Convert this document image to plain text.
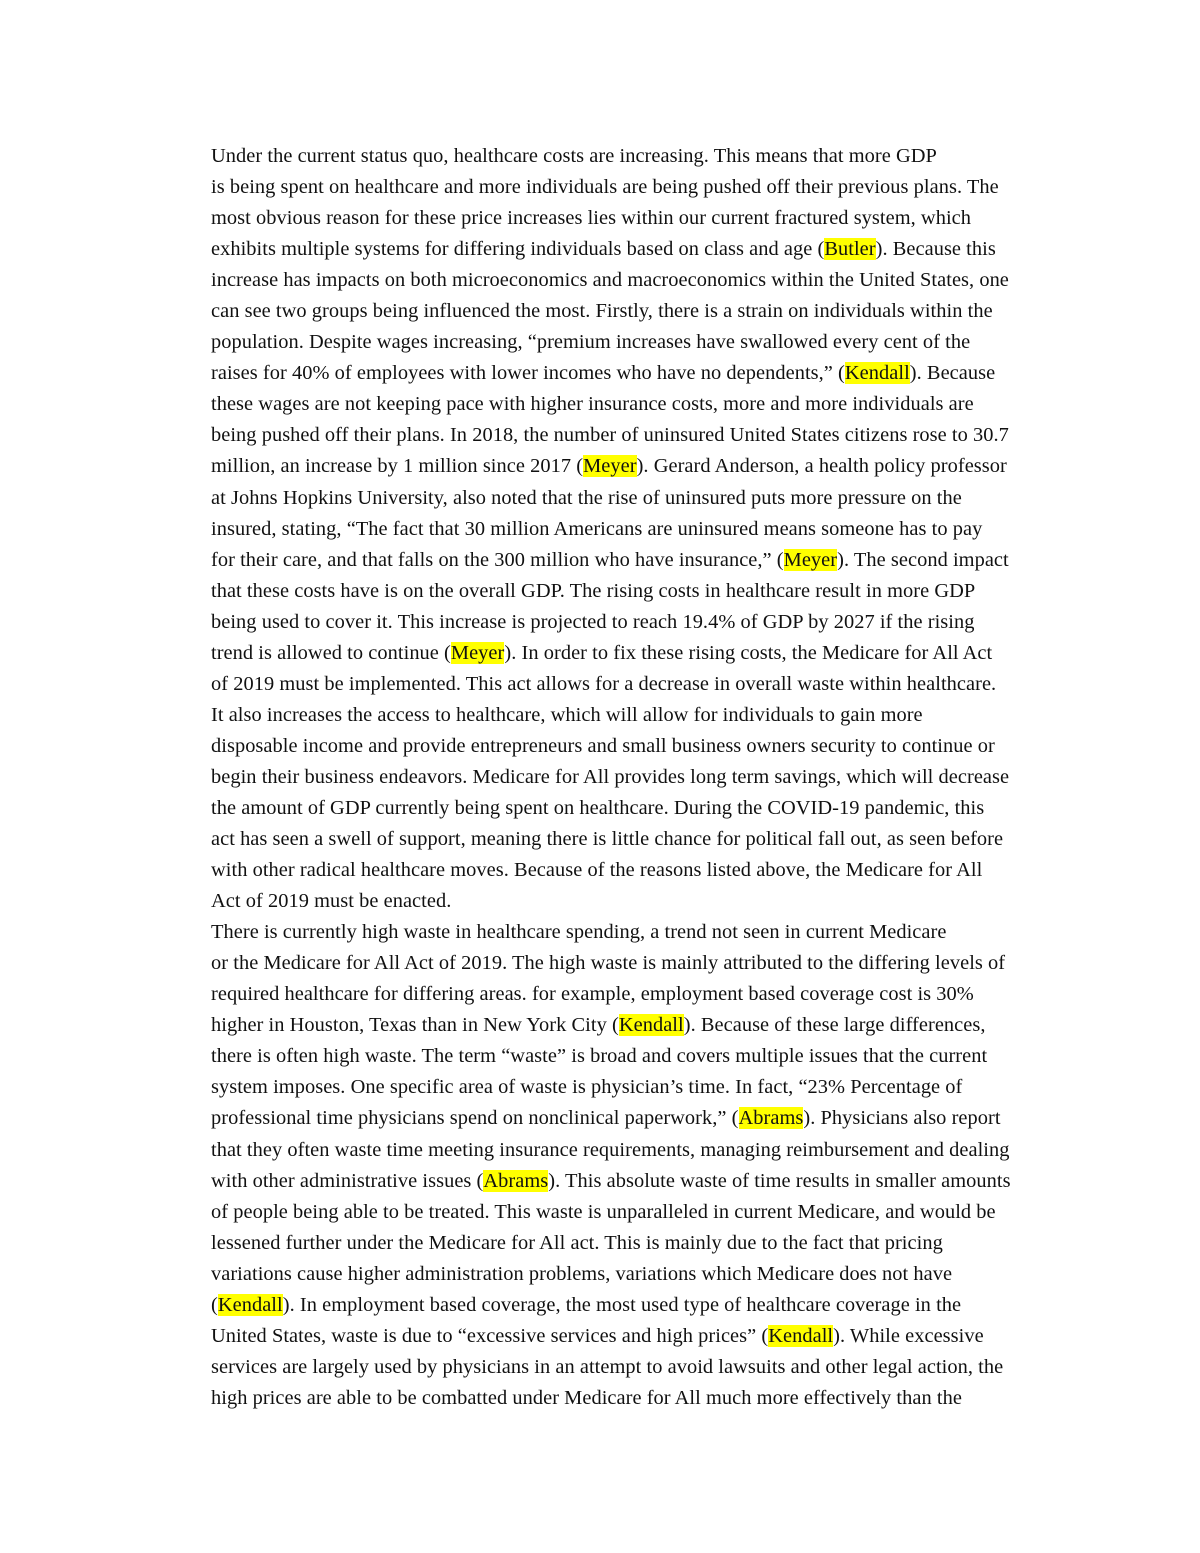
Under the current status quo, healthcare costs are increasing. This means that more GDP
is being spent on healthcare and more individuals are being pushed off their previous plans. The
most obvious reason for these price increases lies within our current fractured system, which
exhibits multiple systems for differing individuals based on class and age (Butler). Because this
increase has impacts on both microeconomics and macroeconomics within the United States, one
can see two groups being influenced the most. Firstly, there is a strain on individuals within the
population. Despite wages increasing, “premium increases have swallowed every cent of the
raises for 40% of employees with lower incomes who have no dependents,” (Kendall). Because
these wages are not keeping pace with higher insurance costs, more and more individuals are
being pushed off their plans. In 2018, the number of uninsured United States citizens rose to 30.7
million, an increase by 1 million since 2017 (Meyer). Gerard Anderson, a health policy professor
at Johns Hopkins University, also noted that the rise of uninsured puts more pressure on the
insured, stating, “The fact that 30 million Americans are uninsured means someone has to pay
for their care, and that falls on the 300 million who have insurance,” (Meyer). The second impact
that these costs have is on the overall GDP. The rising costs in healthcare result in more GDP
being used to cover it. This increase is projected to reach 19.4% of GDP by 2027 if the rising
trend is allowed to continue (Meyer). In order to fix these rising costs, the Medicare for All Act
of 2019 must be implemented. This act allows for a decrease in overall waste within healthcare.
It also increases the access to healthcare, which will allow for individuals to gain more
disposable income and provide entrepreneurs and small business owners security to continue or
begin their business endeavors. Medicare for All provides long term savings, which will decrease
the amount of GDP currently being spent on healthcare. During the COVID-19 pandemic, this
act has seen a swell of support, meaning there is little chance for political fall out, as seen before
with other radical healthcare moves. Because of the reasons listed above, the Medicare for All
Act of 2019 must be enacted.

There is currently high waste in healthcare spending, a trend not seen in current Medicare
or the Medicare for All Act of 2019. The high waste is mainly attributed to the differing levels of
required healthcare for differing areas. for example, employment based coverage cost is 30%
higher in Houston, Texas than in New York City (Kendall). Because of these large differences,
there is often high waste. The term “waste” is broad and covers multiple issues that the current
system imposes. One specific area of waste is physician’s time. In fact, “23% Percentage of
professional time physicians spend on nonclinical paperwork,” (Abrams). Physicians also report
that they often waste time meeting insurance requirements, managing reimbursement and dealing
with other administrative issues (Abrams). This absolute waste of time results in smaller amounts
of people being able to be treated. This waste is unparalleled in current Medicare, and would be
lessened further under the Medicare for All act. This is mainly due to the fact that pricing
variations cause higher administration problems, variations which Medicare does not have
(Kendall). In employment based coverage, the most used type of healthcare coverage in the
United States, waste is due to “excessive services and high prices” (Kendall). While excessive
services are largely used by physicians in an attempt to avoid lawsuits and other legal action, the
high prices are able to be combatted under Medicare for All much more effectively than the
